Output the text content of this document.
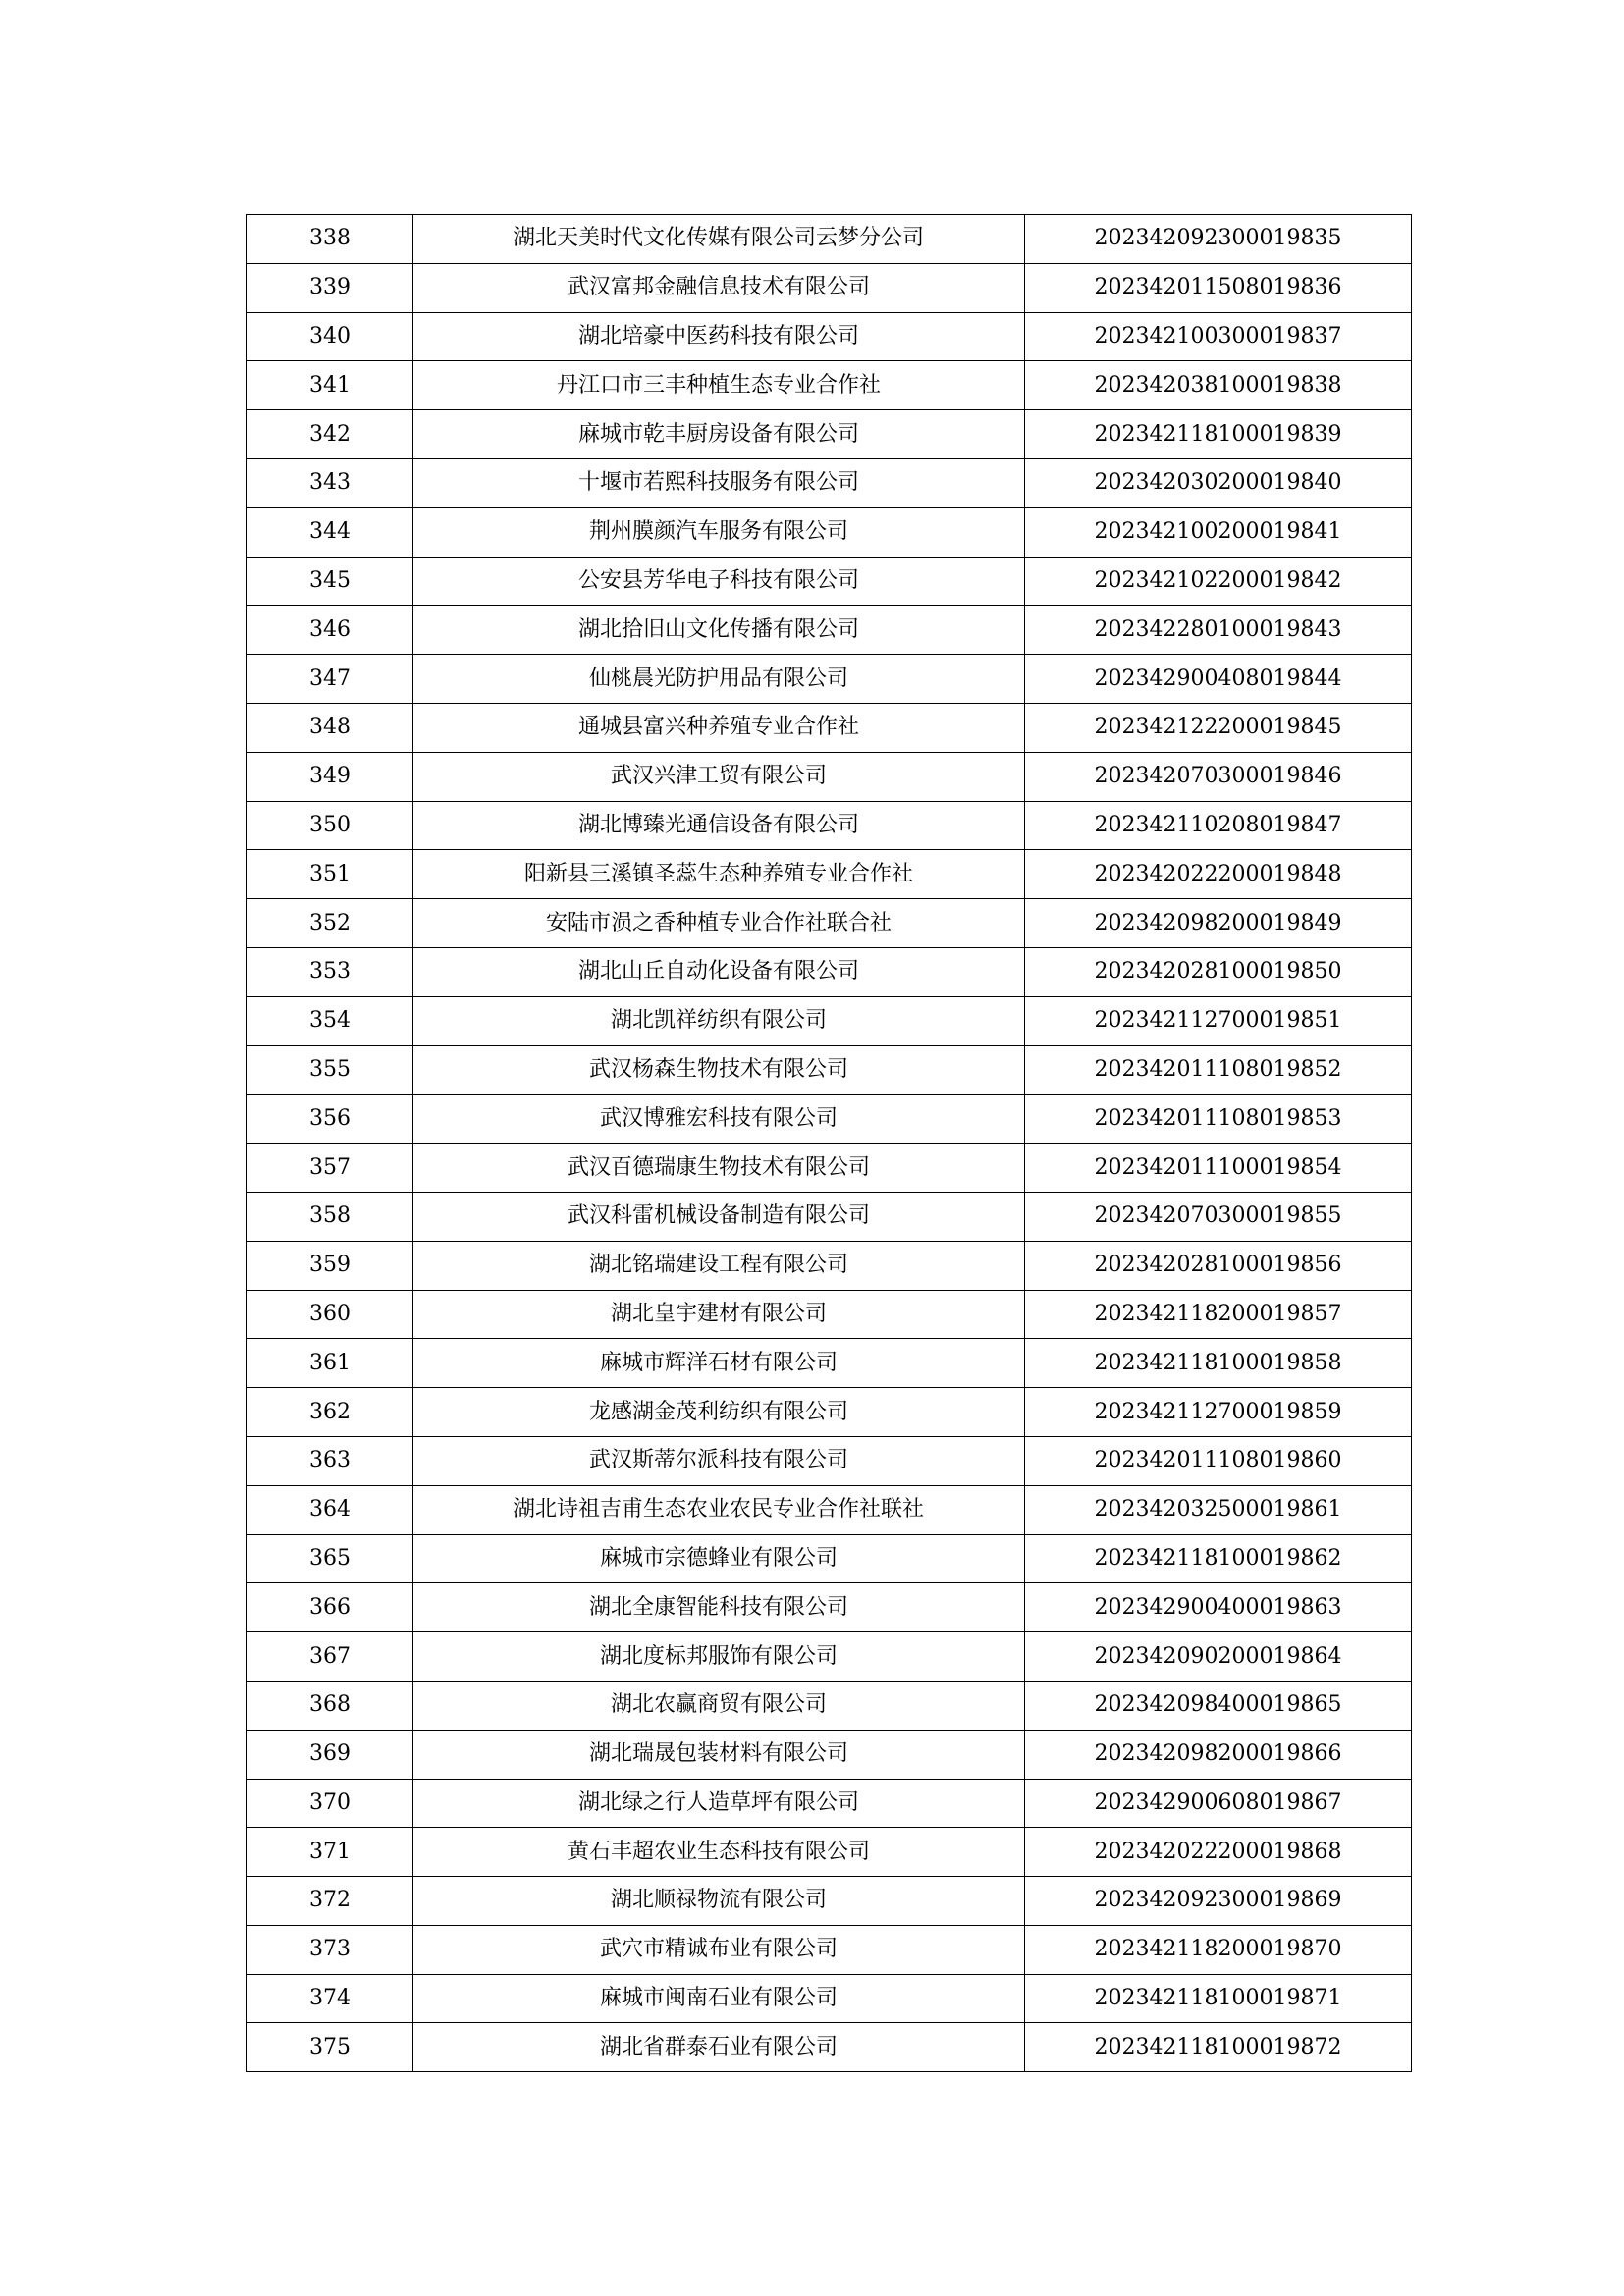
338	湖北天美时代文化传媒有限公司云梦分公司	202342092300019835
339	武汉富邦金融信息技术有限公司	202342011508019836
340	湖北培豪中医药科技有限公司	202342100300019837
341	丹江口市三丰种植生态专业合作社	202342038100019838
342	麻城市乾丰厨房设备有限公司	202342118100019839
343	十堰市若熙科技服务有限公司	202342030200019840
344	荆州膜颜汽车服务有限公司	202342100200019841
345	公安县芳华电子科技有限公司	202342102200019842
346	湖北拾旧山文化传播有限公司	202342280100019843
347	仙桃晨光防护用品有限公司	202342900408019844
348	通城县富兴种养殖专业合作社	202342122200019845
349	武汉兴津工贸有限公司	202342070300019846
350	湖北博臻光通信设备有限公司	202342110208019847
351	阳新县三溪镇圣蕊生态种养殖专业合作社	202342022200019848
352	安陆市涢之香种植专业合作社联合社	202342098200019849
353	湖北山丘自动化设备有限公司	202342028100019850
354	湖北凯祥纺织有限公司	202342112700019851
355	武汉杨森生物技术有限公司	202342011108019852
356	武汉博雅宏科技有限公司	202342011108019853
357	武汉百德瑞康生物技术有限公司	202342011100019854
358	武汉科雷机械设备制造有限公司	202342070300019855
359	湖北铭瑞建设工程有限公司	202342028100019856
360	湖北皇宇建材有限公司	202342118200019857
361	麻城市辉洋石材有限公司	202342118100019858
362	龙感湖金茂利纺织有限公司	202342112700019859
363	武汉斯蒂尔派科技有限公司	202342011108019860
364	湖北诗祖吉甫生态农业农民专业合作社联社	202342032500019861
365	麻城市宗德蜂业有限公司	202342118100019862
366	湖北全康智能科技有限公司	202342900400019863
367	湖北度标邦服饰有限公司	202342090200019864
368	湖北农赢商贸有限公司	202342098400019865
369	湖北瑞晟包装材料有限公司	202342098200019866
370	湖北绿之行人造草坪有限公司	202342900608019867
371	黄石丰超农业生态科技有限公司	202342022200019868
372	湖北顺禄物流有限公司	202342092300019869
373	武穴市精诚布业有限公司	202342118200019870
374	麻城市闽南石业有限公司	202342118100019871
375	湖北省群泰石业有限公司	202342118100019872
